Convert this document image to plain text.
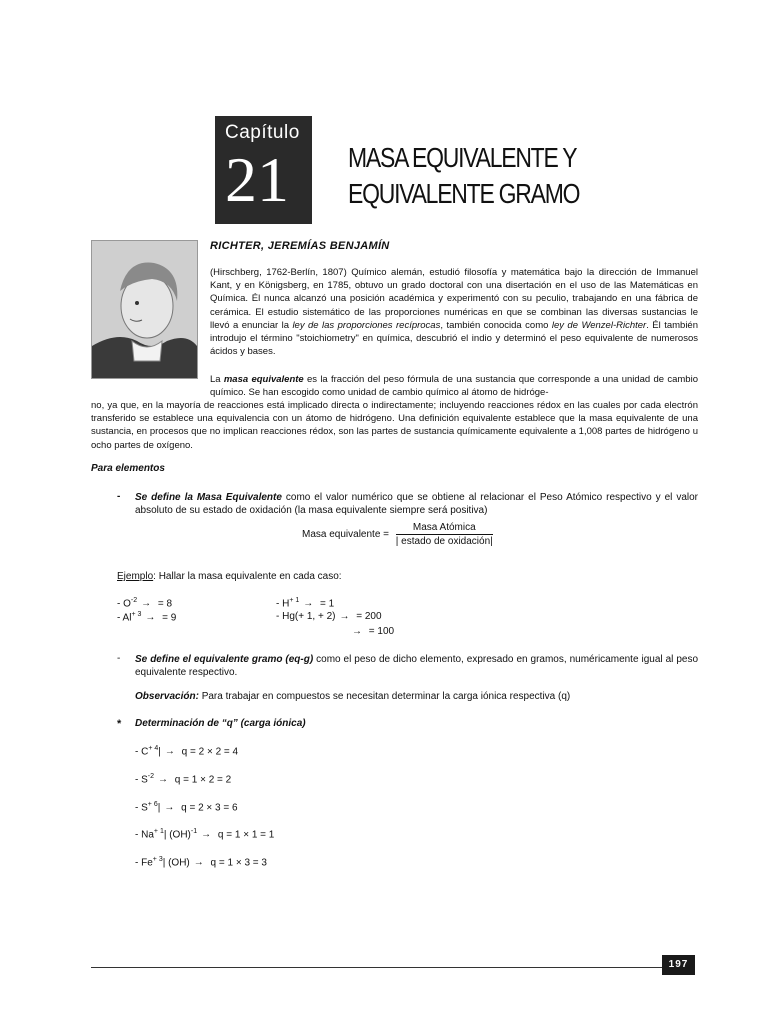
Capítulo
21 MASA EQUIVALENTE Y
EQUIVALENTE GRAMO
RICHTER, JEREMÍAS BENJAMÍN

(Hirschberg, 1762-Berlín, 1807) Químico alemán, estudió filosofía y matemática bajo la dirección de Immanuel Kant, y en Königsberg, en 1785, obtuvo un grado doctoral con una disertación en el uso de las Matemáticas en Química. Él nunca alcanzó una posición académica y experimentó con su peculio, trabajando en una fábrica de cerámica. El estudio sistemático de las proporciones numéricas en que se combinan las diversas sustancias le llevó a enunciar la ley de las proporciones recíprocas, también conocida como ley de Wenzel-Richter. Él también introdujo el término "stoichiometry" en química, descubrió el indio y determinó el peso equivalente de numerosos ácidos y bases.

La masa equivalente es la fracción del peso fórmula de una sustancia que corresponde a una unidad de cambio químico. Se han escogido como unidad de cambio químico al átomo de hidróge-

no, ya que, en la mayoría de reacciones está implicado directa o indirectamente; incluyendo reacciones rédox en las cuales por cada electrón transferido se establece una equivalencia con un átomo de hidrógeno. Una definición equivalente establece que la masa equivalente de una sustancia, en procesos que no implican reacciones rédox, son las partes de sustancia químicamente equivalente a 1,008 partes de hidrógeno u ocho partes de oxígeno.

Para elementos
- Se define la Masa Equivalente como el valor numérico que se obtiene al relacionar el Peso Atómico respectivo y el valor absoluto de su estado de oxidación (la masa equivalente siempre será positiva)

Masa equivalente = $\frac{\text{Masa Atómica}}{\text{| estado de oxidación|}}$
Ejemplo: Hallar la masa equivalente en cada caso:
- $O^{-2}$ → = 8
- $Al^{+ 3}$ → = 9
- $H^{+ 1}$ → = 1
- Hg(+ 1, + 2) → = 200
→ = 100
- Se define el equivalente gramo (eq-g) como el peso de dicho elemento, expresado en gramos, numéricamente igual al peso equivalente respectivo.

Observación: Para trabajar en compuestos se necesitan determinar la carga iónica respectiva (q)
* Determinación de “q” (carga iónica)
- $C^{+ 4}| \to q = 2 \times 2 = 4$
- $S^{-2} \to q = 1 \times 2 = 2$
- $S^{+ 6}| \to q = 2 \times 3 = 6$
- $Na^{+ 1}|$ (OH)$^{-1}$ → q = 1 × 1 = 1
- $Fe^{+ 3}|$ (OH) → q = 1 × 3 = 3
197
